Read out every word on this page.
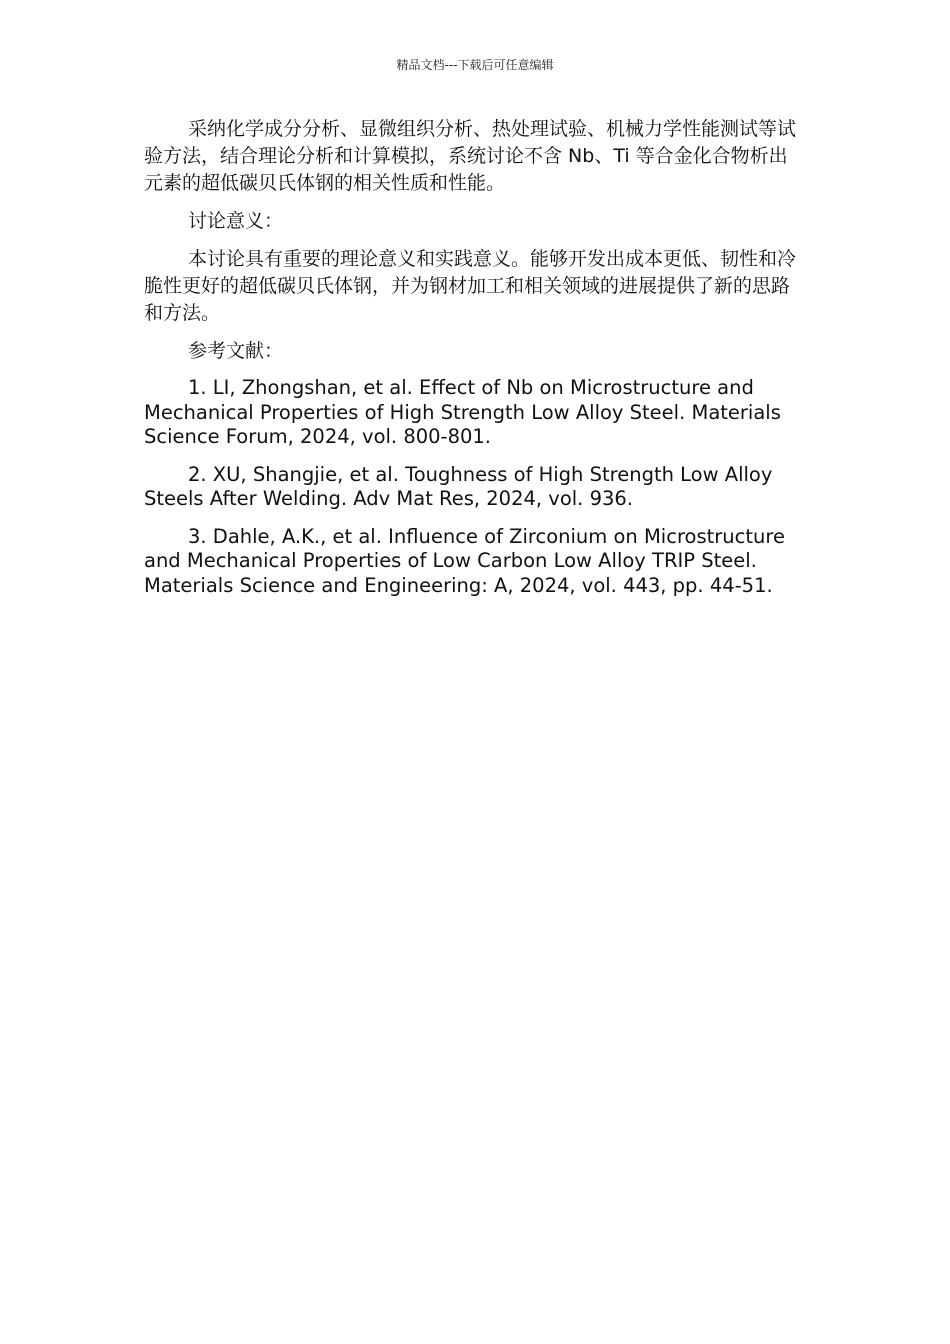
精品文档---下载后可任意编辑

采纳化学成分分析、显微组织分析、热处理试验、机械力学性能测试等试验方法，结合理论分析和计算模拟，系统讨论不含 Nb、Ti 等合金化合物析出元素的超低碳贝氏体钢的相关性质和性能。

讨论意义：

本讨论具有重要的理论意义和实践意义。能够开发出成本更低、韧性和冷脆性更好的超低碳贝氏体钢，并为钢材加工和相关领域的进展提供了新的思路和方法。

参考文献：

1. LI, Zhongshan, et al. Effect of Nb on Microstructure and Mechanical Properties of High Strength Low Alloy Steel. Materials Science Forum, 2024, vol. 800-801.

2. XU, Shangjie, et al. Toughness of High Strength Low Alloy Steels After Welding. Adv Mat Res, 2024, vol. 936.

3. Dahle, A.K., et al. Influence of Zirconium on Microstructure and Mechanical Properties of Low Carbon Low Alloy TRIP Steel. Materials Science and Engineering: A, 2024, vol. 443, pp. 44-51.
